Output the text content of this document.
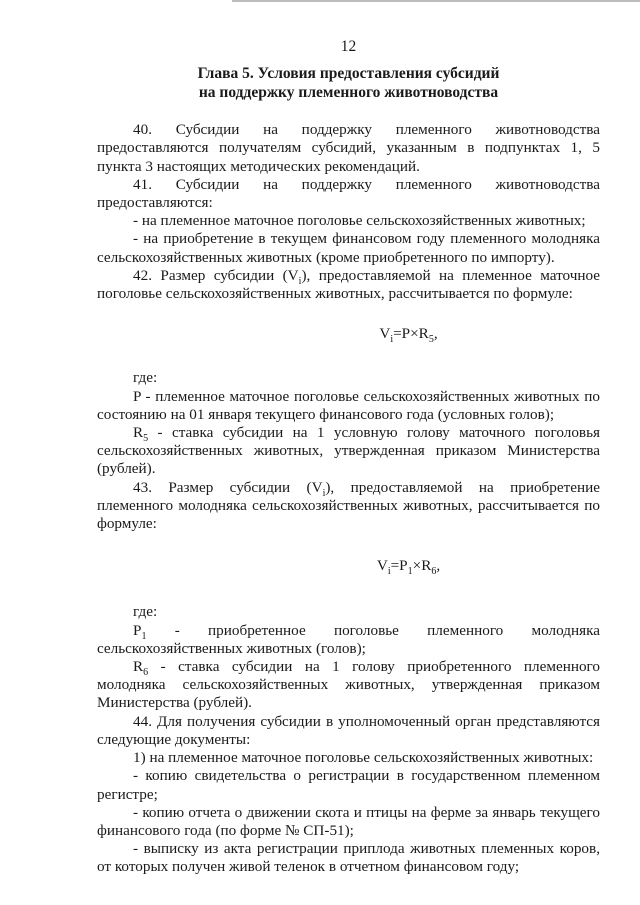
12
Глава 5. Условия предоставления субсидий
на поддержку племенного животноводства

40. Субсидии на поддержку племенного животноводства предоставляются получателям субсидий, указанным в подпунктах 1, 5 пункта 3 настоящих методических рекомендаций.

41. Субсидии на поддержку племенного животноводства предоставляются:

- на племенное маточное поголовье сельскохозяйственных животных;

- на приобретение в текущем финансовом году племенного молодняка сельскохозяйственных животных (кроме приобретенного по импорту).

42. Размер субсидии $(V_i)$, предоставляемой на племенное маточное поголовье сельскохозяйственных животных, рассчитывается по формуле:

$V_i=P\times R_5$,

где:

P - племенное маточное поголовье сельскохозяйственных животных по состоянию на 01 января текущего финансового года (условных голов);

$R_5$ - ставка субсидии на 1 условную голову маточного поголовья сельскохозяйственных животных, утвержденная приказом Министерства (рублей).

43. Размер субсидии $(V_i)$, предоставляемой на приобретение племенного молодняка сельскохозяйственных животных, рассчитывается по формуле:

$V_i=P_1\times R_6$,

где:

$P_1$ - приобретенное поголовье племенного молодняка сельскохозяйственных животных (голов);

$R_6$ - ставка субсидии на 1 голову приобретенного племенного молодняка сельскохозяйственных животных, утвержденная приказом Министерства (рублей).

44. Для получения субсидии в уполномоченный орган представляются следующие документы:

1) на племенное маточное поголовье сельскохозяйственных животных:

- копию свидетельства о регистрации в государственном племенном регистре;

- копию отчета о движении скота и птицы на ферме за январь текущего финансового года (по форме № СП-51);

- выписку из акта регистрации приплода животных племенных коров, от которых получен живой теленок в отчетном финансовом году;
